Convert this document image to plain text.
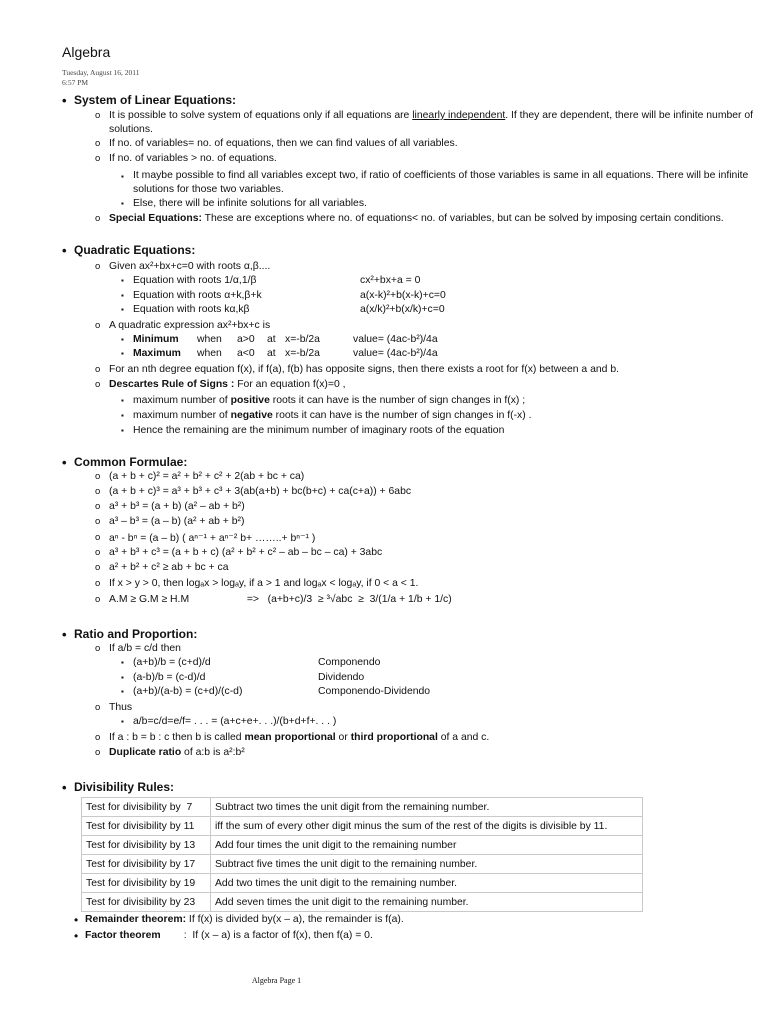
Algebra
Tuesday, August 16, 2011
6:57 PM
• System of Linear Equations:
o It is possible to solve system of equations only if all equations are linearly independent. If they are dependent, there will be infinite number of solutions.
o If no. of variables= no. of equations, then we can find values of all variables.
o If no. of variables > no. of equations.
▪ It maybe possible to find all variables except two, if ratio of coefficients of those variables is same in all equations. There will be infinite solutions for those two variables.
▪ Else, there will be infinite solutions for all variables.
o Special Equations: These are exceptions where no. of equations< no. of variables, but can be solved by imposing certain conditions.
• Quadratic Equations:
o Given ax²+bx+c=0 with roots α,β....
▪ Equation with roots 1/α,1/β	cx²+bx+a = 0
▪ Equation with roots α+k,β+k	a(x-k)²+b(x-k)+c=0
▪ Equation with roots kα,kβ	a(x/k)²+b(x/k)+c=0
o A quadratic expression ax²+bx+c is
▪ Minimum when a>0 at x=-b/2a	value= (4ac-b²)/4a
▪ Maximum when a<0 at x=-b/2a	value= (4ac-b²)/4a
o For an nth degree equation f(x), if f(a), f(b) has opposite signs, then there exists a root for f(x) between a and b.
o Descartes Rule of Signs : For an equation f(x)=0 ,
▪ maximum number of positive roots it can have is the number of sign changes in f(x) ;
▪ maximum number of negative roots it can have is the number of sign changes in f(-x) .
▪ Hence the remaining are the minimum number of imaginary roots of the equation
• Common Formulae:
o (a + b + c)² = a² + b² + c² + 2(ab + bc + ca)
o (a + b + c)³ = a³ + b³ + c³ + 3(ab(a+b) + bc(b+c) + ca(c+a)) + 6abc
o a³ + b³ = (a + b) (a² – ab + b²)
o a³ – b³ = (a – b) (a² + ab + b²)
o aⁿ - bⁿ = (a – b) ( aⁿ⁻¹ + aⁿ⁻² b+ ……..+ bⁿ⁻¹ )
o a³ + b³ + c³ = (a + b + c) (a² + b² + c² – ab – bc – ca) + 3abc
o a² + b² + c² ≥ ab + bc + ca
o If x > y > 0, then logₐx > logₐy, if a > 1 and logₐx < logₐy, if 0 < a < 1.
o A.M ≥ G.M ≥ H.M                    =>   (a+b+c)/3  ≥ ³√abc  ≥  3/(1/a + 1/b + 1/c)
• Ratio and Proportion:
o If a/b = c/d then
▪ (a+b)/b = (c+d)/d	Componendo
▪ (a-b)/b = (c-d)/d	Dividendo
▪ (a+b)/(a-b) = (c+d)/(c-d)	Componendo-Dividendo
o Thus
▪ a/b=c/d=e/f= . . . = (a+c+e+. . .)/(b+d+f+. . . )
o If a : b = b : c then b is called mean proportional or third proportional of a and c.
o Duplicate ratio of a:b is a²:b²
• Divisibility Rules:
Test for divisibility by  7	Subtract two times the unit digit from the remaining number.
Test for divisibility by 11	iff the sum of every other digit minus the sum of the rest of the digits is divisible by 11.
Test for divisibility by 13	Add four times the unit digit to the remaining number
Test for divisibility by 17	Subtract five times the unit digit to the remaining number.
Test for divisibility by 19	Add two times the unit digit to the remaining number.
Test for divisibility by 23	Add seven times the unit digit to the remaining number.
• Remainder theorem: If f(x) is divided by(x – a), the remainder is f(a).
• Factor theorem        :  If (x – a) is a factor of f(x), then f(a) = 0.
Algebra Page 1
